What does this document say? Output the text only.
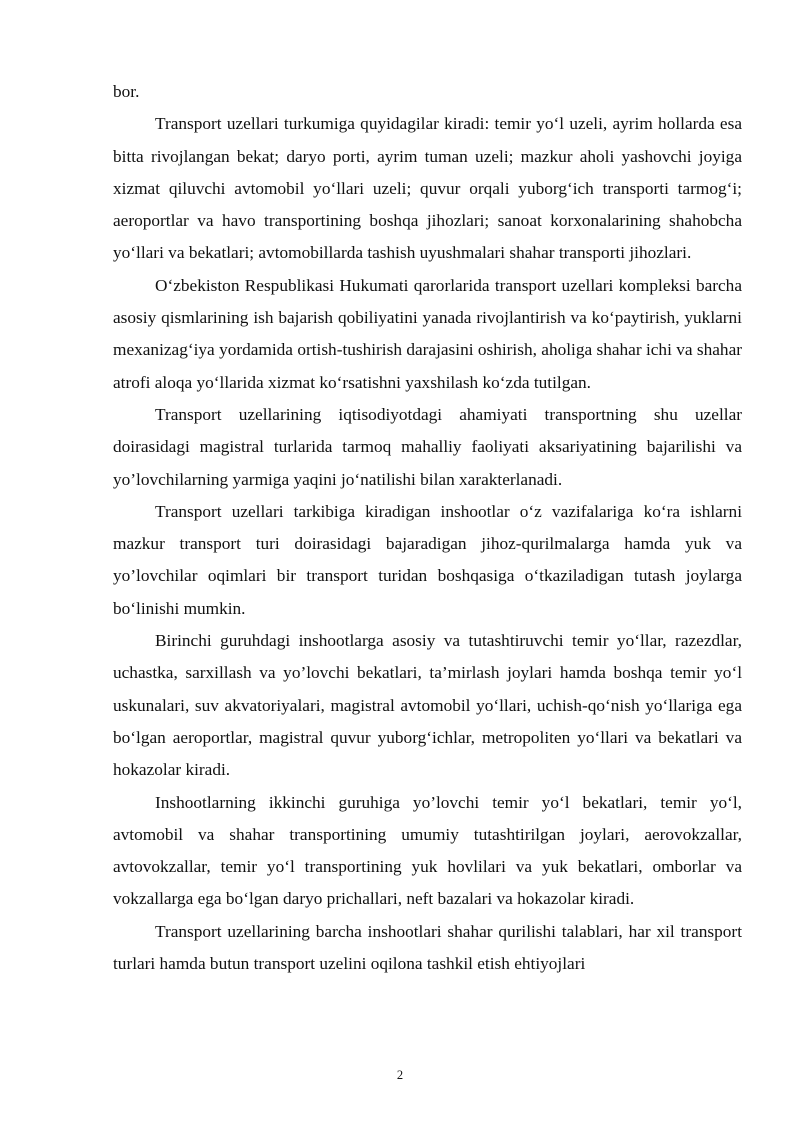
bor.

Transport uzellari turkumiga quyidagilar kiradi: temir yo‘l uzeli, ayrim hollarda esa bitta rivojlangan bekat; daryo porti, ayrim tuman uzeli; mazkur aholi yashovchi joyiga xizmat qiluvchi avtomobil yo‘llari uzeli; quvur orqali yuborg‘ich transporti tarmog‘i; aeroportlar va havo transportining boshqa jihozlari; sanoat korxonalarining shahobcha yo‘llari va bekatlari; avtomobillarda tashish uyushmalari shahar transporti jihozlari.

O‘zbekiston Respublikasi Hukumati qarorlarida transport uzellari kompleksi barcha asosiy qismlarining ish bajarish qobiliyatini yanada rivojlantirish va ko‘paytirish, yuklarni mexanizag‘iya yordamida ortish-tushirish darajasini oshirish, aholiga shahar ichi va shahar atrofi aloqa yo‘llarida xizmat ko‘rsatishni yaxshilash ko‘zda tutilgan.

Transport uzellarining iqtisodiyotdagi ahamiyati transportning shu uzellar doirasidagi magistral turlarida tarmoq mahalliy faoliyati aksariyatining bajarilishi va yo’lovchilarning yarmiga yaqini jo‘natilishi bilan xarakterlanadi.

Transport uzellari tarkibiga kiradigan inshootlar o‘z vazifalariga ko‘ra ishlarni mazkur transport turi doirasidagi bajaradigan jihoz-qurilmalarga hamda yuk va yo’lovchilar oqimlari bir transport turidan boshqasiga o‘tkaziladigan tutash joylarga bo‘linishi mumkin.

Birinchi guruhdagi inshootlarga asosiy va tutashtiruvchi temir yo‘llar, razezdlar, uchastka, sarxillash va yo’lovchi bekatlari, ta’mirlash joylari hamda boshqa temir yo‘l uskunalari, suv akvatoriyalari, magistral avtomobil yo‘llari, uchish-qo‘nish yo‘llariga ega bo‘lgan aeroportlar, magistral quvur yuborg‘ichlar, metropoliten yo‘llari va bekatlari va hokazolar kiradi.

Inshootlarning ikkinchi guruhiga yo’lovchi temir yo‘l bekatlari, temir yo‘l, avtomobil va shahar transportining umumiy tutashtirilgan joylari, aerovokzallar, avtovokzallar, temir yo‘l transportining yuk hovlilari va yuk bekatlari, omborlar va vokzallarga ega bo‘lgan daryo prichallari, neft bazalari va hokazolar kiradi.

Transport uzellarining barcha inshootlari shahar qurilishi talablari, har xil transport turlari hamda butun transport uzelini oqilona tashkil etish ehtiyojlari

2
